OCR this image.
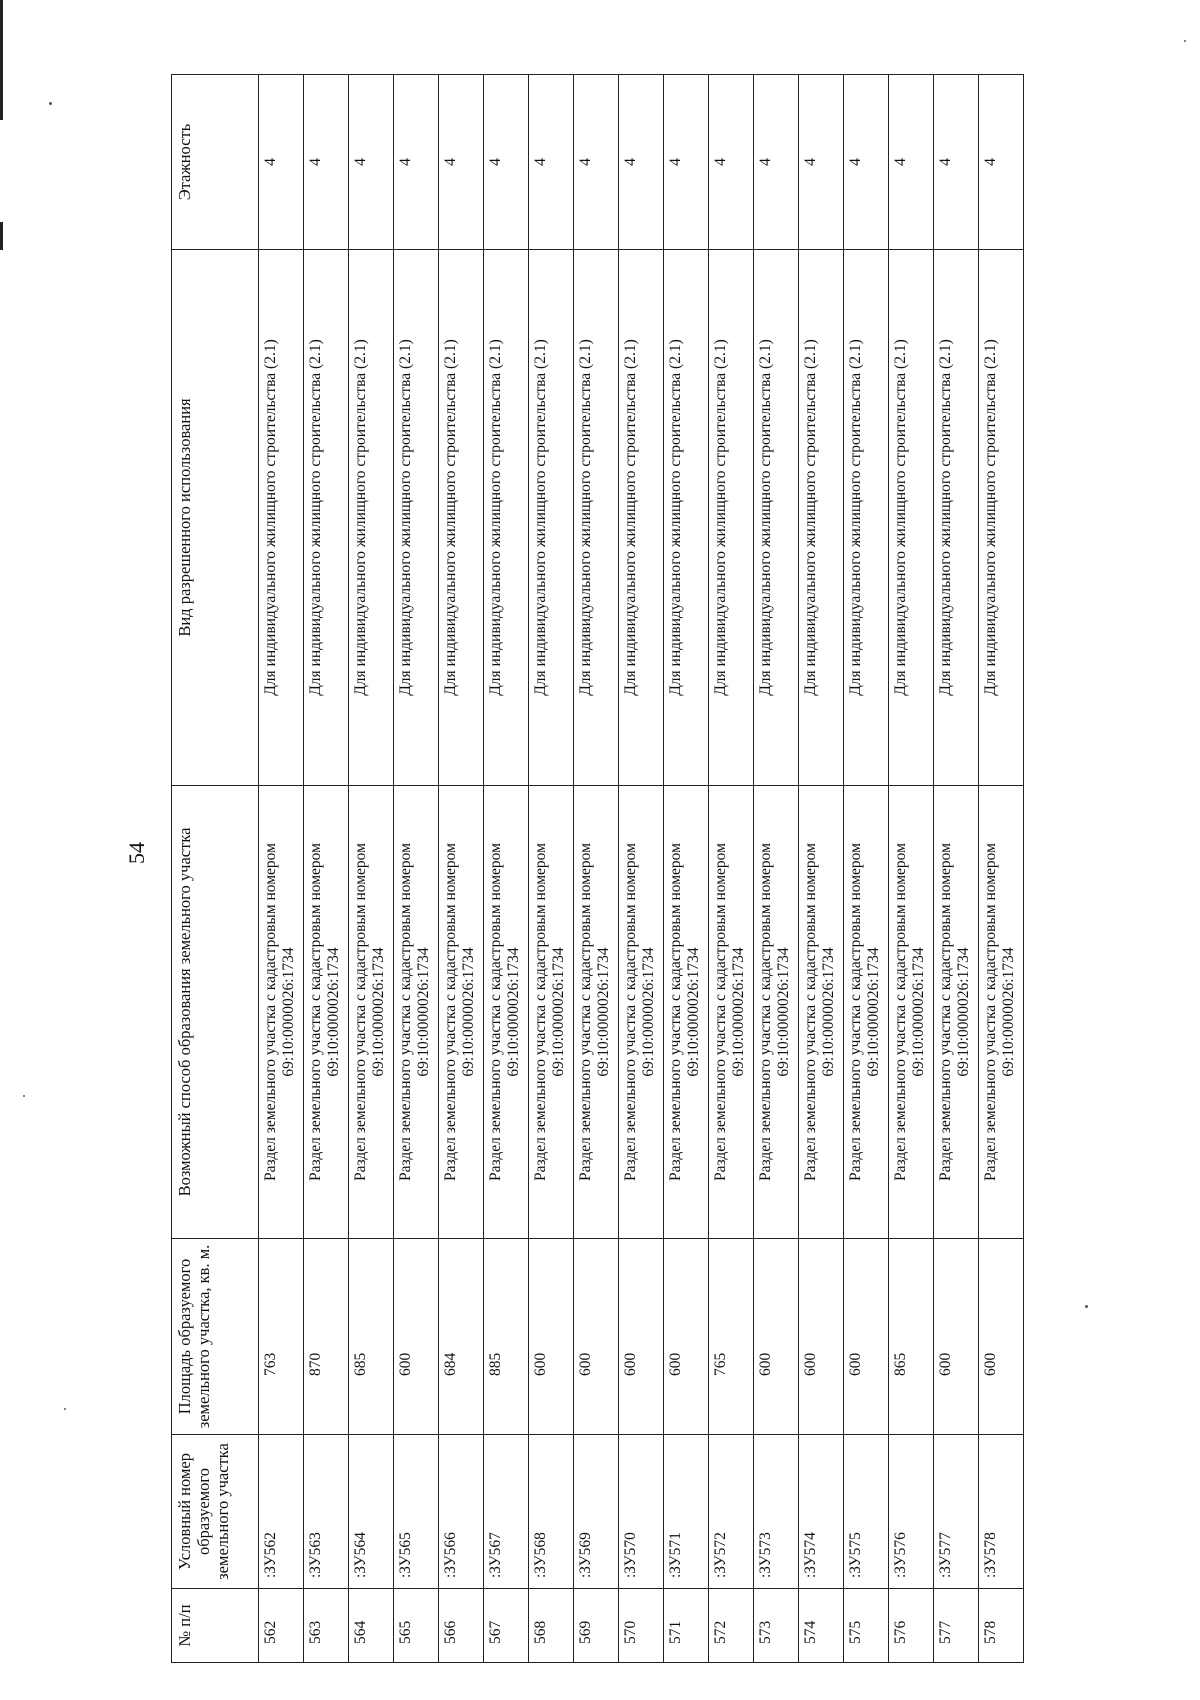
54
№ п/п	Условный номер образуемого земельного участка	Площадь образуемого земельного участка, кв. м.	Возможный способ образования земельного участка	Вид разрешенного использования	Этажность
562	:ЗУ562	763	Раздел земельного участка с кадастровым номером 69:10:0000026:1734	Для индивидуального жилищного строительства (2.1)	4
563	:ЗУ563	870	Раздел земельного участка с кадастровым номером 69:10:0000026:1734	Для индивидуального жилищного строительства (2.1)	4
564	:ЗУ564	685	Раздел земельного участка с кадастровым номером 69:10:0000026:1734	Для индивидуального жилищного строительства (2.1)	4
565	:ЗУ565	600	Раздел земельного участка с кадастровым номером 69:10:0000026:1734	Для индивидуального жилищного строительства (2.1)	4
566	:ЗУ566	684	Раздел земельного участка с кадастровым номером 69:10:0000026:1734	Для индивидуального жилищного строительства (2.1)	4
567	:ЗУ567	885	Раздел земельного участка с кадастровым номером 69:10:0000026:1734	Для индивидуального жилищного строительства (2.1)	4
568	:ЗУ568	600	Раздел земельного участка с кадастровым номером 69:10:0000026:1734	Для индивидуального жилищного строительства (2.1)	4
569	:ЗУ569	600	Раздел земельного участка с кадастровым номером 69:10:0000026:1734	Для индивидуального жилищного строительства (2.1)	4
570	:ЗУ570	600	Раздел земельного участка с кадастровым номером 69:10:0000026:1734	Для индивидуального жилищного строительства (2.1)	4
571	:ЗУ571	600	Раздел земельного участка с кадастровым номером 69:10:0000026:1734	Для индивидуального жилищного строительства (2.1)	4
572	:ЗУ572	765	Раздел земельного участка с кадастровым номером 69:10:0000026:1734	Для индивидуального жилищного строительства (2.1)	4
573	:ЗУ573	600	Раздел земельного участка с кадастровым номером 69:10:0000026:1734	Для индивидуального жилищного строительства (2.1)	4
574	:ЗУ574	600	Раздел земельного участка с кадастровым номером 69:10:0000026:1734	Для индивидуального жилищного строительства (2.1)	4
575	:ЗУ575	600	Раздел земельного участка с кадастровым номером 69:10:0000026:1734	Для индивидуального жилищного строительства (2.1)	4
576	:ЗУ576	865	Раздел земельного участка с кадастровым номером 69:10:0000026:1734	Для индивидуального жилищного строительства (2.1)	4
577	:ЗУ577	600	Раздел земельного участка с кадастровым номером 69:10:0000026:1734	Для индивидуального жилищного строительства (2.1)	4
578	:ЗУ578	600	Раздел земельного участка с кадастровым номером 69:10:0000026:1734	Для индивидуального жилищного строительства (2.1)	4
